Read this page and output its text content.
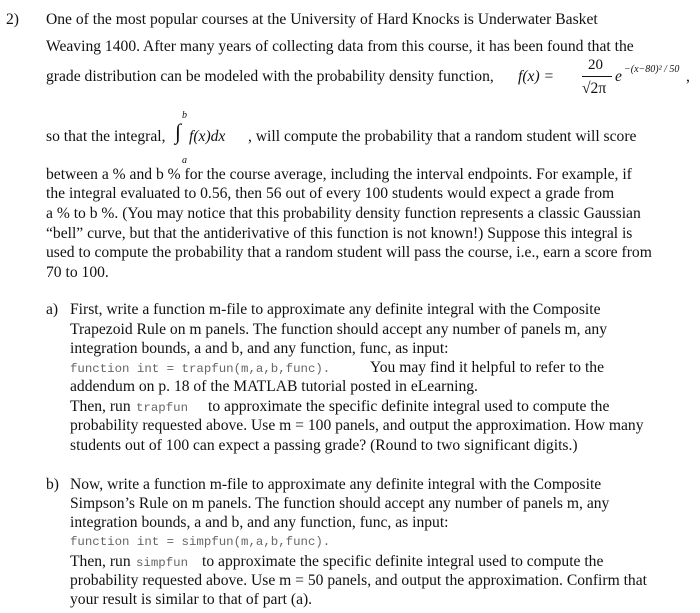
2) One of the most popular courses at the University of Hard Knocks is Underwater Basket
Weaving 1400. After many years of collecting data from this course, it has been found that the
grade distribution can be modeled with the probability density function, f(x) =
20
√2π
e −(x−80)² / 50 ,
so that the integral,
b
∫
a
f(x)dx , will compute the probability that a random student will score
between a % and b % for the course average, including the interval endpoints. For example, if
the integral evaluated to 0.56, then 56 out of every 100 students would expect a grade from
a % to b %. (You may notice that this probability density function represents a classic Gaussian
“bell” curve, but that the antiderivative of this function is not known!) Suppose this integral is
used to compute the probability that a random student will pass the course, i.e., earn a score from
70 to 100.
a) First, write a function m-file to approximate any definite integral with the Composite
Trapezoid Rule on m panels. The function should accept any number of panels m, any
integration bounds, a and b, and any function, func, as input:
function int = trapfun(m,a,b,func).	You may find it helpful to refer to the
addendum on p. 18 of the MATLAB tutorial posted in eLearning.
Then, run trapfun to approximate the specific definite integral used to compute the
probability requested above. Use m = 100 panels, and output the approximation. How many
students out of 100 can expect a passing grade? (Round to two significant digits.)
b) Now, write a function m-file to approximate any definite integral with the Composite
Simpson’s Rule on m panels. The function should accept any number of panels m, any
integration bounds, a and b, and any function, func, as input:
function int = simpfun(m,a,b,func).
Then, run simpfun to approximate the specific definite integral used to compute the
probability requested above. Use m = 50 panels, and output the approximation. Confirm that
your result is similar to that of part (a).
